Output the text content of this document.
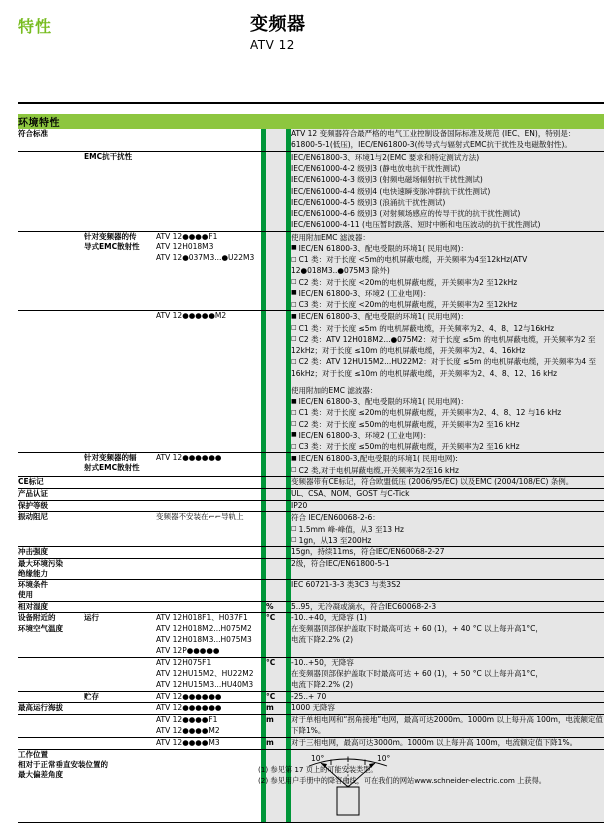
特性	变频器
ATV 12
环境特性						
符合标准						ATV 12 变频器符合最严格的电气工业控制设备国际标准及规范 (IEC、EN)，特别是：
61800-5-1(低压)，IEC/EN61800-3(传导式与辐射式EMC抗干扰性及电磁散射性)。

	EMC抗干扰性				IEC/EN61800-3、环境1与2(EMC 要求和特定测试方法)
IEC/EN61000-4-2 级别3 (静电放电抗干扰性测试)
IEC/EN61000-4-3 级别3 (射频电磁场辐射抗干扰性测试)
IEC/EN61000-4-4 级别4 (电快速瞬变脉冲群抗干扰性测试)
IEC/EN61000-4-5 级别3 (浪涌抗干扰性测试)
IEC/EN61000-4-6 级别3 (对射频场感应的传导干扰的抗干扰性测试)
IEC/EN61000-4-11 (电压暂时跌落、短时中断和电压波动的抗干扰性测试)

针对变频器的传
导式EMC散射性

ATV 12●●●●F1
ATV 12H018M3
ATV 12●037M3...●U22M3

使用附加EMC 滤波器：
■ IEC/EN 61800-3、配电受限的环境1( 民用电网)：
□ C1 类：对于长度 <5m的电机屏蔽电缆，开关频率为4至12kHz(ATV 12●018M3..●075M3 除外)
□ C2 类：对于长度 <20m的电机屏蔽电缆，开关频率为2 至12kHz
■ IEC/EN 61800-3、环境2 (工业电网)：
□ C3 类：对于长度 <20m的电机屏蔽电缆，开关频率为2 至12kHz

ATV 12●●●●●M2				■ IEC/EN 61800-3、配电受限的环境1( 民用电网)：
□ C1 类：对于长度 ≤5m 的电机屏蔽电缆，开关频率为2、4、8、12与16kHz
□ C2 类：ATV 12H018M2...●075M2：对于长度 ≤5m 的电机屏蔽电缆，开关频率为2 至12kHz；对于长度 ≤10m 的电机屏蔽电缆，开关频率为2、4、16kHz
□ C2 类：ATV 12HU15M2...HU22M2：对于长度 ≤5m 的电机屏蔽电缆，开关频率为4 至16kHz；对于长度 ≤10m 的电机屏蔽电缆，开关频率为2、4、8、12、16 kHz
使用附加的EMC 滤波器：
■ IEC/EN 61800-3、配电受限的环境1( 民用电网)：
□ C1 类：对于长度 ≤20m的电机屏蔽电缆，开关频率为2、4、8、12 与16 kHz
□ C2 类：对于长度 ≤50m的电机屏蔽电缆，开关频率为2 至16 kHz
■ IEC/EN 61800-3、环境2 (工业电网)：
□ C3 类：对于长度 ≤50m的电机屏蔽电缆，开关频率为2 至16 kHz

针对变频器的辐
射式EMC散射性

ATV 12●●●●●●				■ IEC/EN 61800-3,配电受限的环境1( 民用电网):
□ C2 类,对于电机屏蔽电缆,开关频率为2至16 kHz

CE标记						变频器带有CE标记，符合欧盟低压 (2006/95/EC) 以及EMC (2004/108/EC) 条例。
产品认证						UL、CSA、NOM、GOST 与C-Tick
保护等级						IP20
振动阻尼		变频器不安装在⌐⌐导轨上				符合 IEC/EN60068-2-6：
□ 1.5mm 峰-峰值，从3 至13 Hz
□ 1gn，从13 至200Hz

冲击强度						15gn，持续11ms，符合IEC/EN60068-2-27

最大环境污染
绝缘能力						2级，符合IEC/EN61800-5-1

环境条件
使用						IEC 60721-3-3 类3C3 与类3S2
相对湿度				%		5..95，无冷凝或滴水，符合IEC60068-2-3

设备附近的
环境空气温度
	运行	ATV 12H018F1、H037F1
ATV 12H018M2...H075M2
ATV 12H018M3...H075M3
ATV 12P●●●●●
		°C		-10..+40，无降容 (1)
在变频器顶部保护盖取下时最高可达 + 60 (1)，+ 40 °C 以上每升高1°C，
电流下降2.2% (2)

ATV 12H075F1
ATV 12HU15M2、HU22M2
ATV 12HU15M3...HU40M3
		°C		-10..+50，无降容
在变频器顶部保护盖取下时最高可达 + 60 (1)，+ 50 °C 以上每升高1°C，
电流下降2.2% (2)

	贮存	ATV 12●●●●●●		°C		-25..+ 70
最高运行海拔		ATV 12●●●●●●		m		1000 无降容

		ATV 12●●●●F1
ATV 12●●●●M2		m		对于单相电网和“拐角接地”电网，最高可达2000m。1000m 以上每升高 100m，电流额定值下降1%。

		ATV 12●●●●M3		m		对于三相电网，最高可达3000m。1000m 以上每升高 100m，电流额定值下降1%。

工作位置
相对于正常垂直安装位置的
最大偏差角度

10°	10°

(1) 参见第 17 页上的可能安装类型。
(2) 参见用户手册中的降容曲线，可在我们的网站www.schneider-electric.com 上获得。
